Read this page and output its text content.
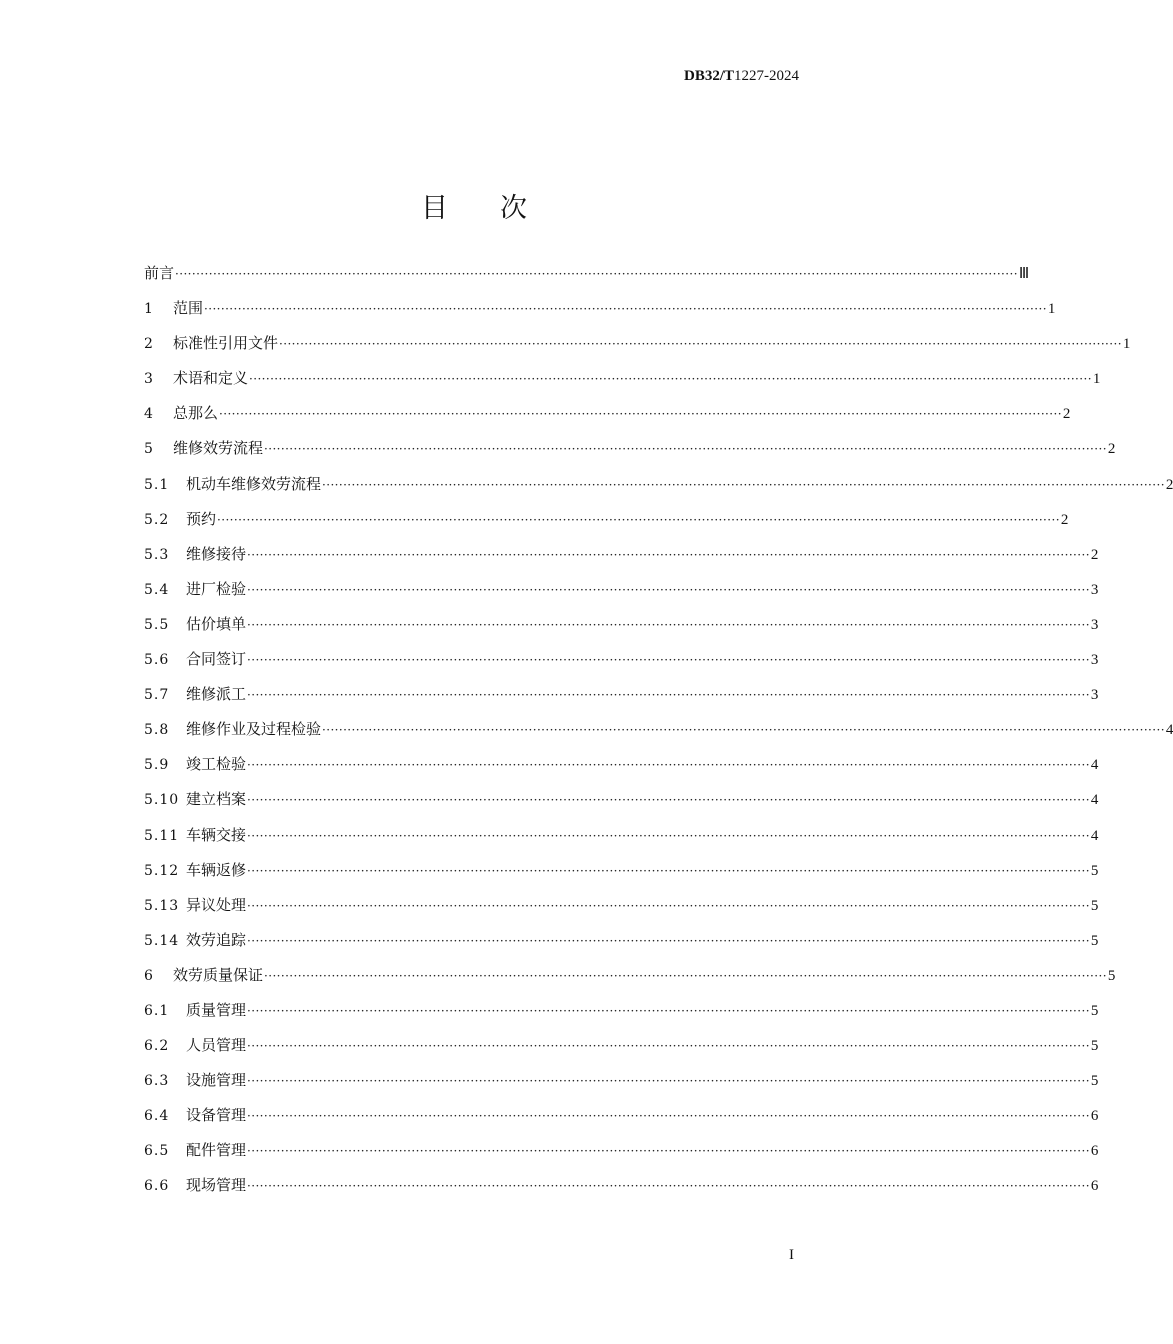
DB32/T1227-2024
目 次
前言 ········································································································································································································ Ⅲ
1	范围 ········································································································································································································ 1
2	标准性引用文件 ········································································································································································································ 1
3	术语和定义 ········································································································································································································ 1
4	总那么 ········································································································································································································ 2
5	维修效劳流程 ········································································································································································································ 2
5.1	机动车维修效劳流程 ········································································································································································································ 2
5.2	预约 ········································································································································································································ 2
5.3	维修接待 ········································································································································································································ 2
5.4	进厂检验 ········································································································································································································ 3
5.5	估价填单 ········································································································································································································ 3
5.6	合同签订 ········································································································································································································ 3
5.7	维修派工 ········································································································································································································ 3
5.8	维修作业及过程检验 ········································································································································································································ 4
5.9	竣工检验 ········································································································································································································ 4
5.10 建立档案 ········································································································································································································ 4
5.11 车辆交接 ········································································································································································································ 4
5.12 车辆返修 ········································································································································································································ 5
5.13 异议处理 ········································································································································································································ 5
5.14 效劳追踪 ········································································································································································································ 5
6	效劳质量保证 ········································································································································································································ 5
6.1	质量管理 ········································································································································································································ 5
6.2	人员管理 ········································································································································································································ 5
6.3	设施管理 ········································································································································································································ 5
6.4	设备管理 ········································································································································································································ 6
6.5	配件管理 ········································································································································································································ 6
6.6	现场管理 ········································································································································································································ 6
I
